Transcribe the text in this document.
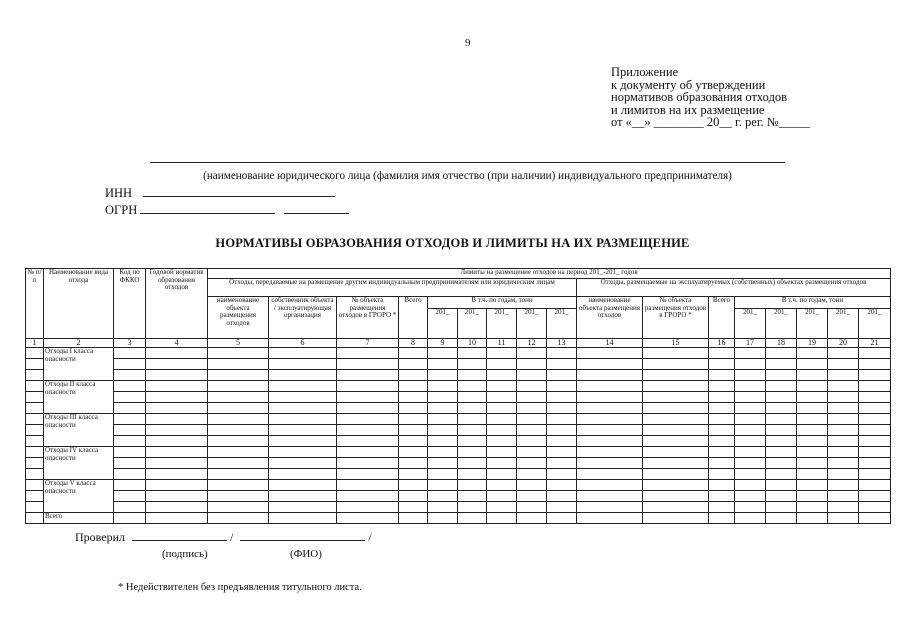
9
Приложение
к документу об утверждении
нормативов образования отходов
и лимитов на их размещение
от «__» ________ 20__ г. рег. №_____
(наименование юридического лица (фамилия имя отчество (при наличии) индивидуального предпринимателя)
ИНН
ОГРН
НОРМАТИВЫ ОБРАЗОВАНИЯ ОТХОДОВ И ЛИМИТЫ НА ИХ РАЗМЕЩЕНИЕ
№ п/п	Наименование вида отхода	Код по ФККО	Годовой норматив образования отходов	Лимиты на размещение отходов на период 201_-201_ годов																
				Отходы, передаваемые на размещение другим индивидуальным предпринимателям или юридическим лицам									Отходы, размещаемые на эксплуатируемых (собственных) объектах размещения отходов							
				наименование объекта размещения отходов	собственник объекта / эксплуатирующая организация	№ объекта размещения отходов в ГРОРО *	Всего	В т.ч. по годам, тонн					наименование объекта размещения отходов	№ объекта размещения отходов в ГРОРО *	Всего	В т.ч. по годам, тонн				
								201_	201_	201_	201_	201_				201_	201_	201_	201_	201_
1	2	3	4	5	6	7	8	9	10	11	12	13	14	15	16	17	18	19	20	21
	Отходы I класса опасности																			

	Отходы II класса опасности																			

	Отходы III класса опасности																			

	Отходы IV класса опасности																			

	Отходы V класса опасности																			

	Всего																			
Проверил	/	/
(подпись)	(ФИО)
* Недействителен без предъявления титульного листа.
